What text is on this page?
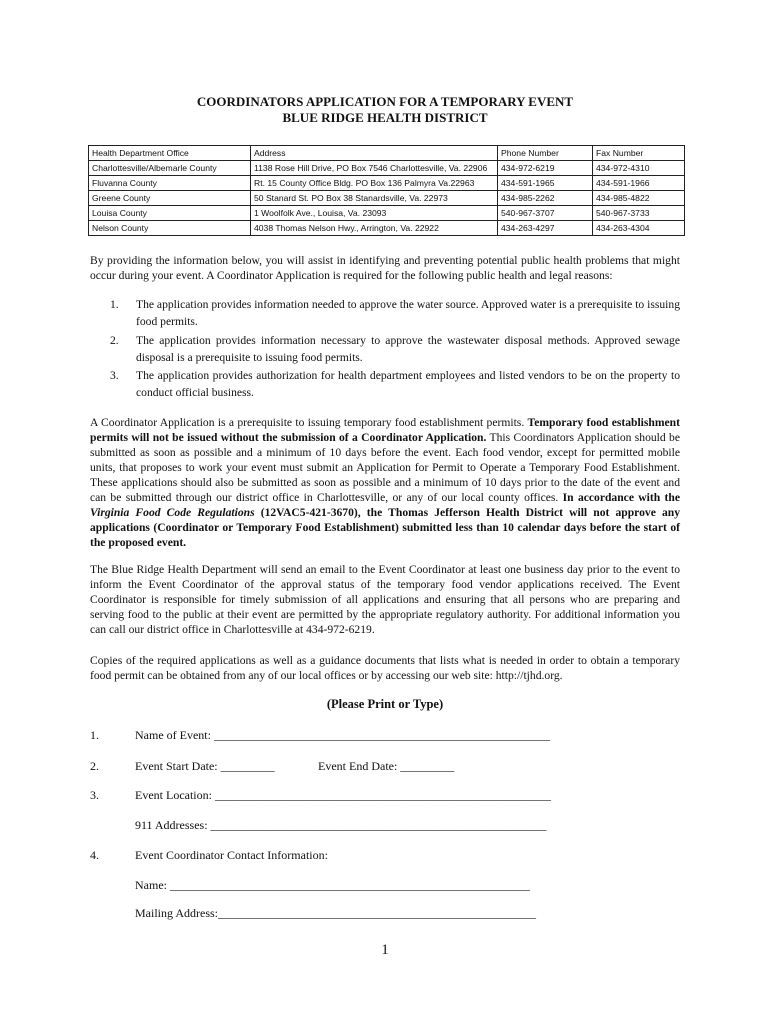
COORDINATORS APPLICATION FOR A TEMPORARY EVENT
BLUE RIDGE HEALTH DISTRICT
Health Department Office	Address	Phone Number	Fax Number
Charlottesville/Albemarle County	1138 Rose Hill Drive, PO Box 7546 Charlottesville, Va. 22906	434-972-6219	434-972-4310
Fluvanna County	Rt. 15 County Office Bldg. PO Box 136 Palmyra Va.22963	434-591-1965	434-591-1966
Greene County	50 Stanard St. PO Box 38 Stanardsville, Va. 22973	434-985-2262	434-985-4822
Louisa County	1 Woolfolk Ave., Louisa, Va. 23093	540-967-3707	540-967-3733
Nelson County	4038 Thomas Nelson Hwy., Arrington, Va. 22922	434-263-4297	434-263-4304
By providing the information below, you will assist in identifying and preventing potential public health problems that might occur during your event. A Coordinator Application is required for the following public health and legal reasons:
1. The application provides information needed to approve the water source. Approved water is a prerequisite to issuing food permits.
2. The application provides information necessary to approve the wastewater disposal methods. Approved sewage disposal is a prerequisite to issuing food permits.
3. The application provides authorization for health department employees and listed vendors to be on the property to conduct official business.
A Coordinator Application is a prerequisite to issuing temporary food establishment permits. Temporary food establishment permits will not be issued without the submission of a Coordinator Application. This Coordinators Application should be submitted as soon as possible and a minimum of 10 days before the event. Each food vendor, except for permitted mobile units, that proposes to work your event must submit an Application for Permit to Operate a Temporary Food Establishment. These applications should also be submitted as soon as possible and a minimum of 10 days prior to the date of the event and can be submitted through our district office in Charlottesville, or any of our local county offices. In accordance with the Virginia Food Code Regulations (12VAC5-421-3670), the Thomas Jefferson Health District will not approve any applications (Coordinator or Temporary Food Establishment) submitted less than 10 calendar days before the start of the proposed event.
The Blue Ridge Health Department will send an email to the Event Coordinator at least one business day prior to the event to inform the Event Coordinator of the approval status of the temporary food vendor applications received. The Event Coordinator is responsible for timely submission of all applications and ensuring that all persons who are preparing and serving food to the public at their event are permitted by the appropriate regulatory authority. For additional information you can call our district office in Charlottesville at 434-972-6219.
Copies of the required applications as well as a guidance documents that lists what is needed in order to obtain a temporary food permit can be obtained from any of our local offices or by accessing our web site: http://tjhd.org.
(Please Print or Type)
1.	Name of Event: ________________________________________________________
2.	Event Start Date: _________	Event End Date: _________
3.	Event Location: ________________________________________________________
911 Addresses: ________________________________________________________
4.	Event Coordinator Contact Information:
Name: ____________________________________________________________
Mailing Address:_____________________________________________________
1
